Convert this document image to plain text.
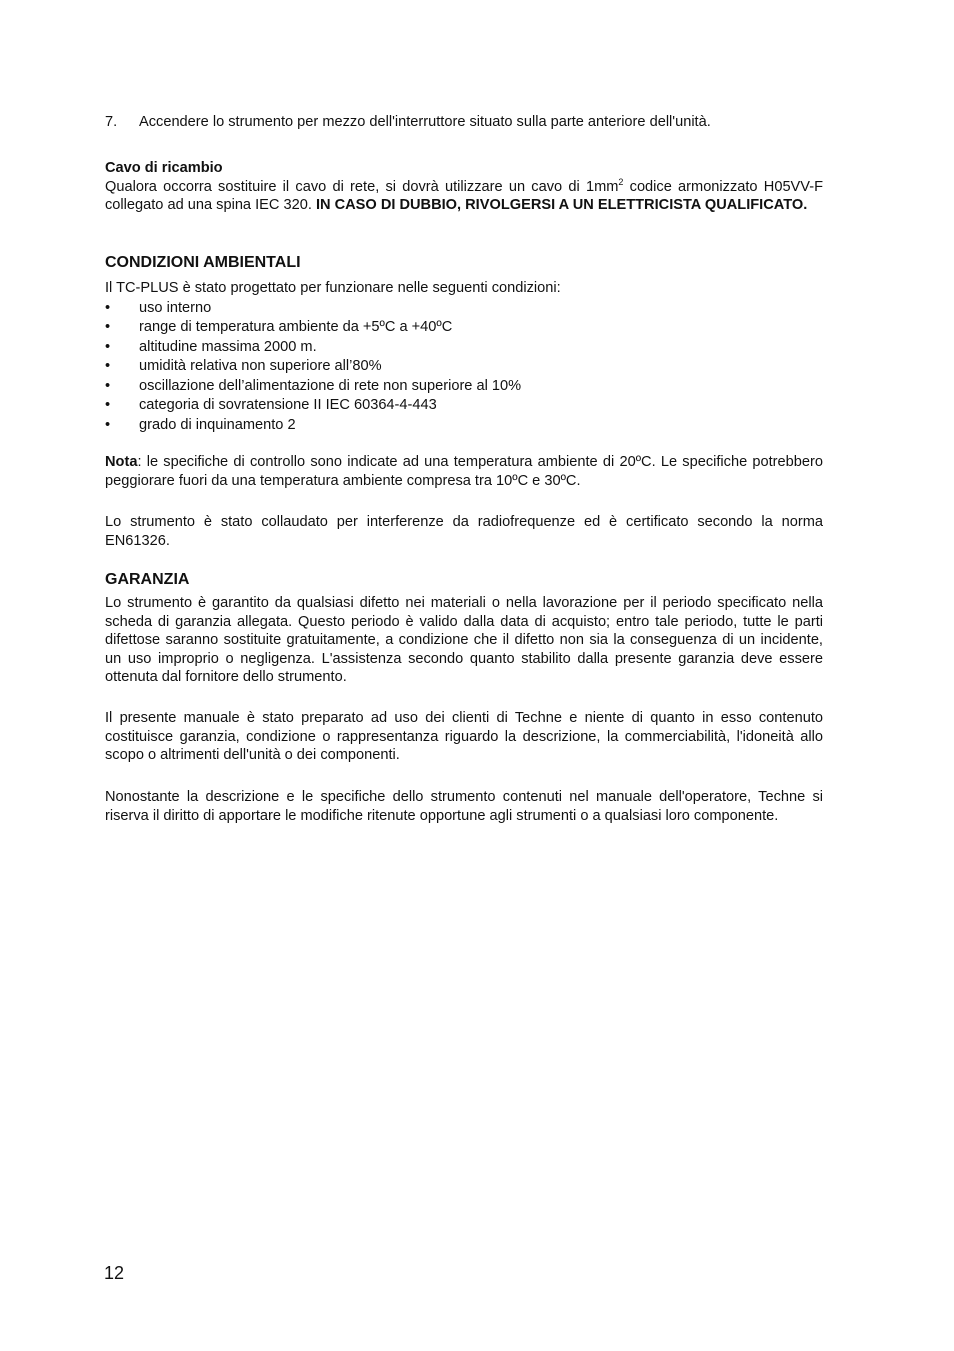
7.	Accendere lo strumento per mezzo dell'interruttore situato sulla parte anteriore dell'unità.
Cavo di ricambio

Qualora occorra sostituire il cavo di rete, si dovrà utilizzare un cavo di $1mm^2$ codice armonizzato H05VV-F collegato ad una spina IEC 320. IN CASO DI DUBBIO, RIVOLGERSI A UN ELETTRICISTA QUALIFICATO.

CONDIZIONI AMBIENTALI

Il TC-PLUS è stato progettato per funzionare nelle seguenti condizioni:

•	uso interno
•	range di temperatura ambiente da +5ºC a +40ºC
•	altitudine massima 2000 m.
•	umidità relativa non superiore all’80%
•	oscillazione dell’alimentazione di rete non superiore al 10%
•	categoria di sovratensione II IEC 60364-4-443
•	grado di inquinamento 2

Nota: le specifiche di controllo sono indicate ad una temperatura ambiente di 20ºC. Le specifiche potrebbero peggiorare fuori da una temperatura ambiente compresa tra 10ºC e 30ºC.

Lo strumento è stato collaudato per interferenze da radiofrequenze ed è certificato secondo la norma EN61326.

GARANZIA

Lo strumento è garantito da qualsiasi difetto nei materiali o nella lavorazione per il periodo specificato nella scheda di garanzia allegata. Questo periodo è valido dalla data di acquisto; entro tale periodo, tutte le parti difettose saranno sostituite gratuitamente, a condizione che il difetto non sia la conseguenza di un incidente, un uso improprio o negligenza. L'assistenza secondo quanto stabilito dalla presente garanzia deve essere ottenuta dal fornitore dello strumento.

Il presente manuale è stato preparato ad uso dei clienti di Techne e niente di quanto in esso contenuto costituisce garanzia, condizione o rappresentanza riguardo la descrizione, la commerciabilità, l'idoneità allo scopo o altrimenti dell'unità o dei componenti.

Nonostante la descrizione e le specifiche dello strumento contenuti nel manuale dell'operatore, Techne si riserva il diritto di apportare le modifiche ritenute opportune agli strumenti o a qualsiasi loro componente.

12
